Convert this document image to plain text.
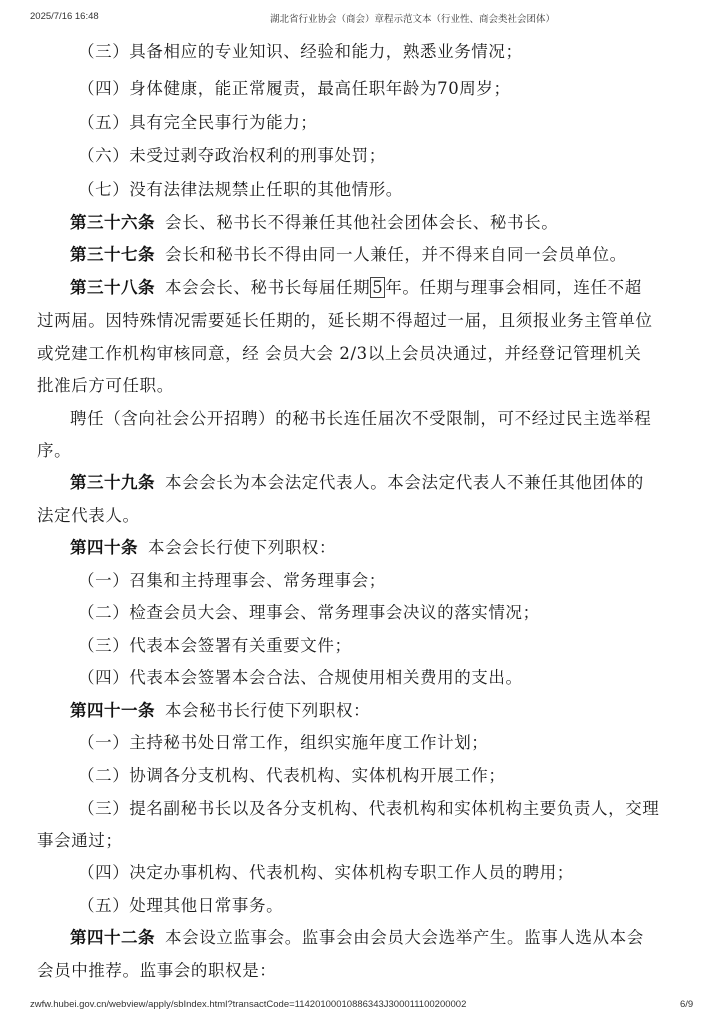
2025/7/16 16:48	湖北省行业协会（商会）章程示范文本（行业性、商会类社会团体）
（三）具备相应的专业知识、经验和能力，熟悉业务情况；
（四）身体健康，能正常履责，最高任职年龄为70周岁；
（五）具有完全民事行为能力；
（六）未受过剥夺政治权利的刑事处罚；
（七）没有法律法规禁止任职的其他情形。
第三十六条 会长、秘书长不得兼任其他社会团体会长、秘书长。
第三十七条 会长和秘书长不得由同一人兼任，并不得来自同一会员单位。
第三十八条 本会会长、秘书长每届任期 5 年。任期与理事会相同，连任不超
过两届。因特殊情况需要延长任期的，延长期不得超过一届，且须报业务主管单位
或党建工作机构审核同意，经 会员大会 2/3以上会员决通过，并经登记管理机关
批准后方可任职。
聘任（含向社会公开招聘）的秘书长连任届次不受限制，可不经过民主选举程
序。
第三十九条 本会会长为本会法定代表人。本会法定代表人不兼任其他团体的
法定代表人。
第四十条 本会会长行使下列职权：
（一）召集和主持理事会、常务理事会；
（二）检查会员大会、理事会、常务理事会决议的落实情况；
（三）代表本会签署有关重要文件；
（四）代表本会签署本会合法、合规使用相关费用的支出。
第四十一条 本会秘书长行使下列职权：
（一）主持秘书处日常工作，组织实施年度工作计划；
（二）协调各分支机构、代表机构、实体机构开展工作；
（三）提名副秘书长以及各分支机构、代表机构和实体机构主要负责人，交理
事会通过；
（四）决定办事机构、代表机构、实体机构专职工作人员的聘用；
（五）处理其他日常事务。
第四十二条 本会设立监事会。监事会由会员大会选举产生。监事人选从本会
会员中推荐。监事会的职权是：
zwfw.hubei.gov.cn/webview/apply/sbIndex.html?transactCode=11420100010886343J300011100200002	6/9
